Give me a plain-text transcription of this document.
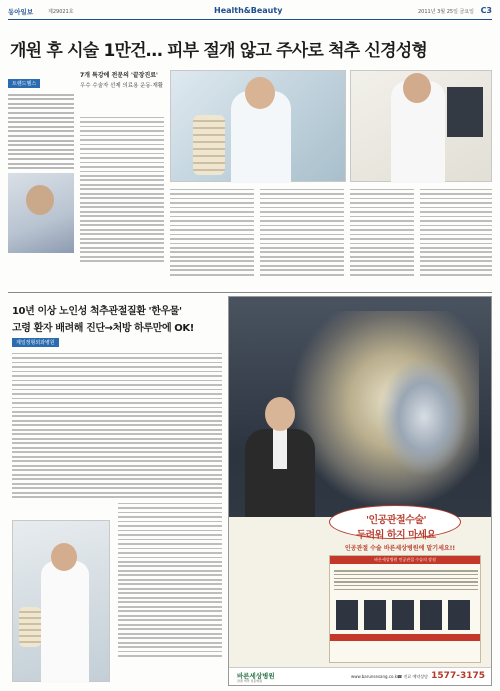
동아일보	제29021호	Health&Beauty	2011년 3월 25일 금요일 C3
개원 후 시술 1만건… 피부 절개 않고 주사로 척추 신경성형
트렌드헬스
7개 특강에 전문의 '끝장진료'
우수 수술자 선제 의료용 운동·재활
10년 이상 노인성 척추관절질환 '한우물'
고령 환자 배려해 진단→처방 하루만에 OK!
제일정형외과병원
'인공관절수술'
두려워 하지 마세요
인공관절 수술 바른세상병원에 맡기세요!!
바른세상병원 인공관절 수술의 장점
바른세상병원
관절 척추 전문병원
www.barunsesang.co.kr
☎ 진료 예약상담 1577-3175
